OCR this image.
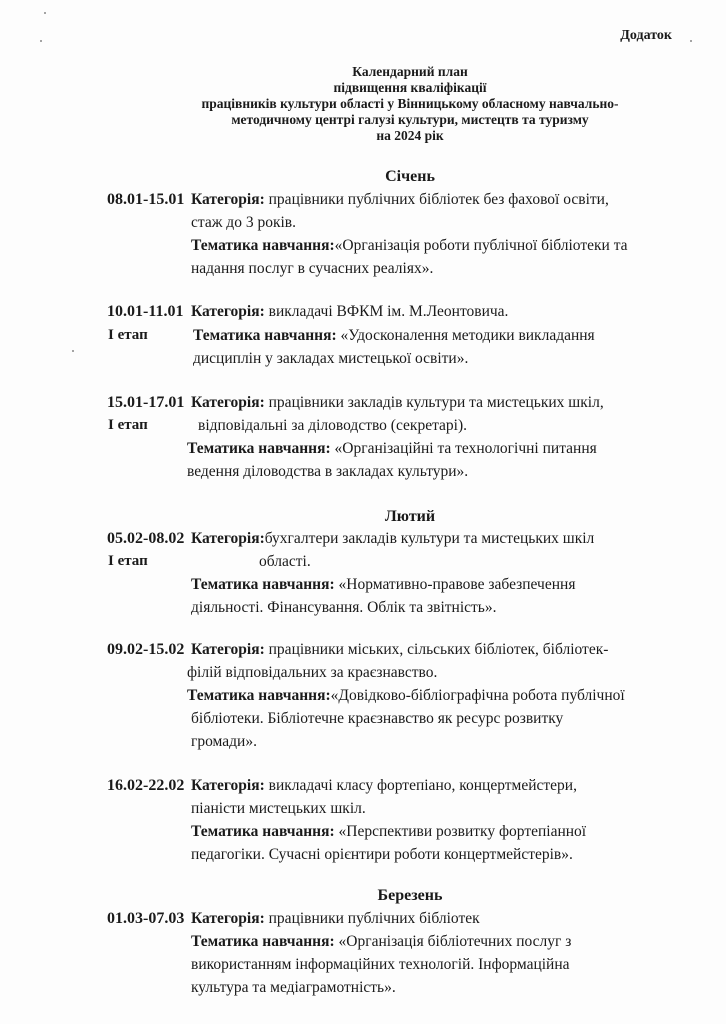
Додаток
Календарний план
підвищення кваліфікації
працівників культури області у Вінницькому обласному навчально-
методичному центрі галузі культури, мистецтв та туризму
на 2024 рік
Січень
08.01-15.01 Категорія: працівники публічних бібліотек без фахової освіти,
стаж до 3 років.
Тематика навчання:«Організація роботи публічної бібліотеки та
надання послуг в сучасних реаліях».
10.01-11.01 Категорія: викладачі ВФКМ ім. М.Леонтовича.
І етап	Тематика навчання: «Удосконалення методики викладання
дисциплін у закладах мистецької освіти».
15.01-17.01 Категорія: працівники закладів культури та мистецьких шкіл,
І етап	відповідальні за діловодство (секретарі).
Тематика навчання: «Організаційні та технологічні питання
ведення діловодства в закладах культури».
Лютий
05.02-08.02 Категорія:бухгалтери закладів культури та мистецьких шкіл
І етап	області.
Тематика навчання: «Нормативно-правове забезпечення
діяльності. Фінансування. Облік та звітність».
09.02-15.02 Категорія: працівники міських, сільських бібліотек, бібліотек-
філій відповідальних за краєзнавство.
Тематика навчання:«Довідково-бібліографічна робота публічної
бібліотеки. Бібліотечне краєзнавство як ресурс розвитку
громади».
16.02-22.02 Категорія: викладачі класу фортепіано, концертмейстери,
піаністи мистецьких шкіл.
Тематика навчання: «Перспективи розвитку фортепіанної
педагогіки. Сучасні орієнтири роботи концертмейстерів».
Березень
01.03-07.03 Категорія: працівники публічних бібліотек
Тематика навчання: «Організація бібліотечних послуг з
використанням інформаційних технологій. Інформаційна
культура та медіаграмотність».
